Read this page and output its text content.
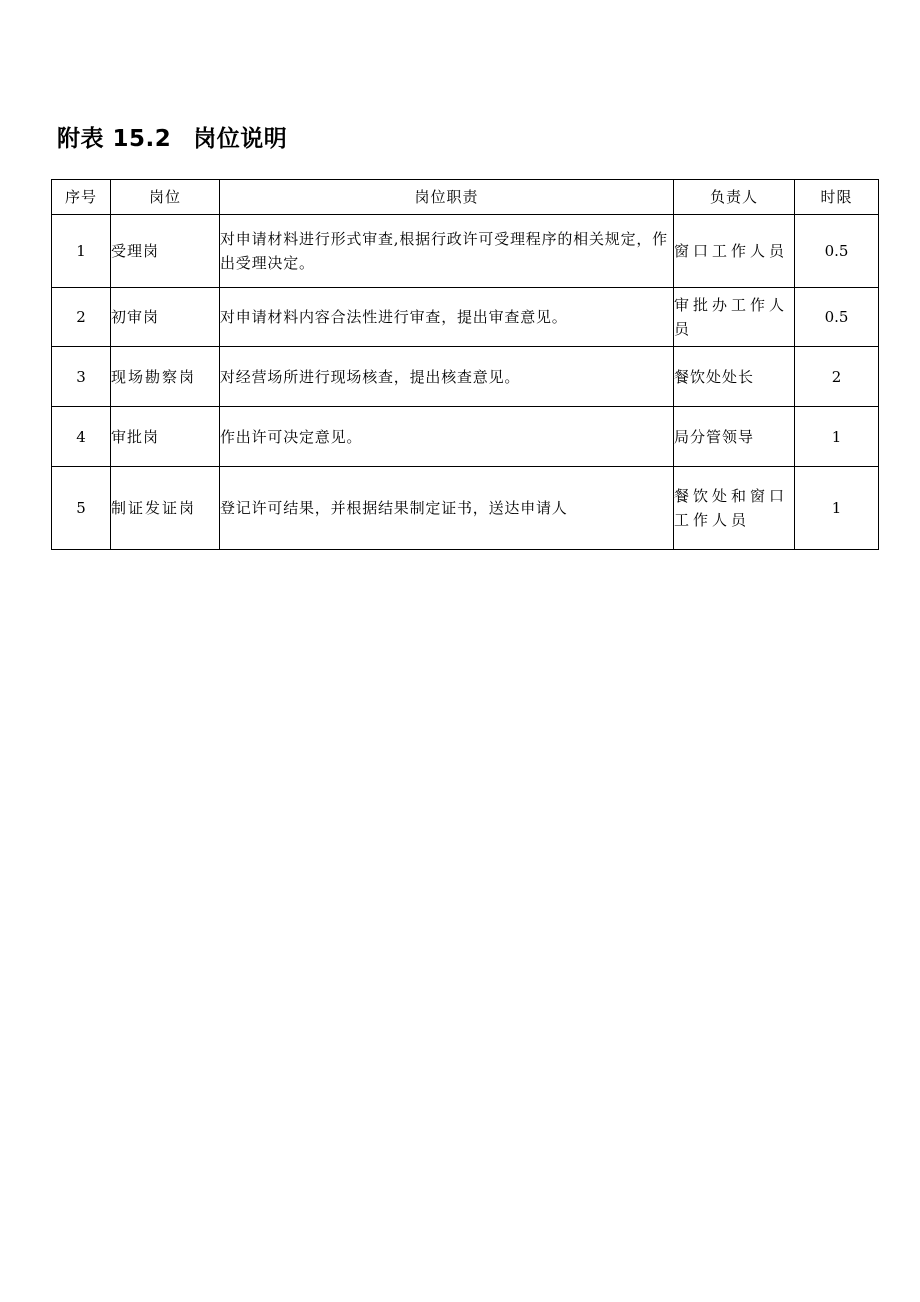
附表 15.2 岗位说明
序号	岗位	岗位职责	负责人	时限
1	受理岗	对申请材料进行形式审查,根据行政许可受理程序的相关规定，作出受理决定。	窗口工作人员	0.5
2	初审岗	对申请材料内容合法性进行审查，提出审查意见。	审批办工作人员	0.5
3	现场勘察岗	对经营场所进行现场核查，提出核查意见。	餐饮处处长	2
4	审批岗	作出许可决定意见。	局分管领导	1
5	制证发证岗	登记许可结果，并根据结果制定证书，送达申请人	餐饮处和窗口工作人员	1
